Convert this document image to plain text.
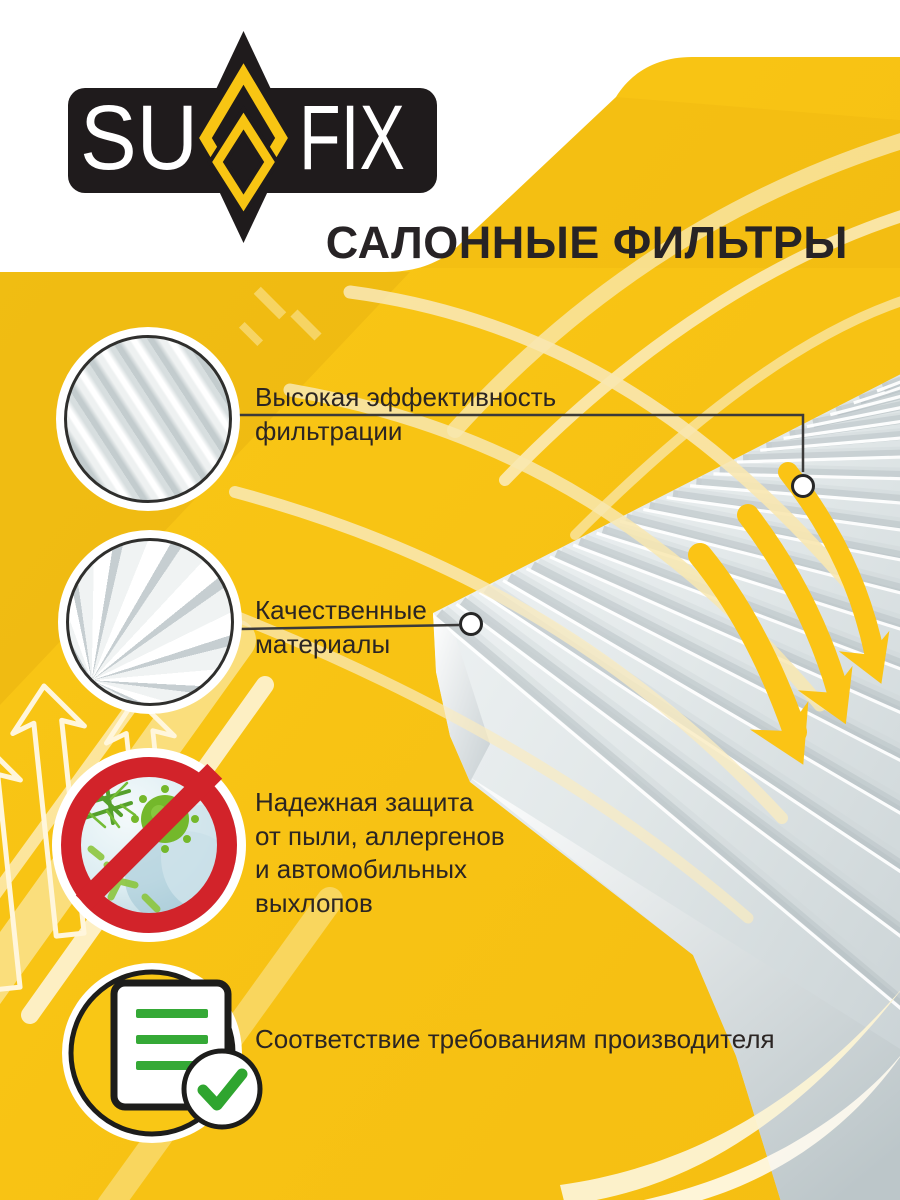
SU FIX
САЛОННЫЕ ФИЛЬТРЫ
Высокая эффективность
фильтрации
Качественные
материалы
Надежная защита
от пыли, аллергенов
и автомобильных
выхлопов
Соответствие требованиям производителя
